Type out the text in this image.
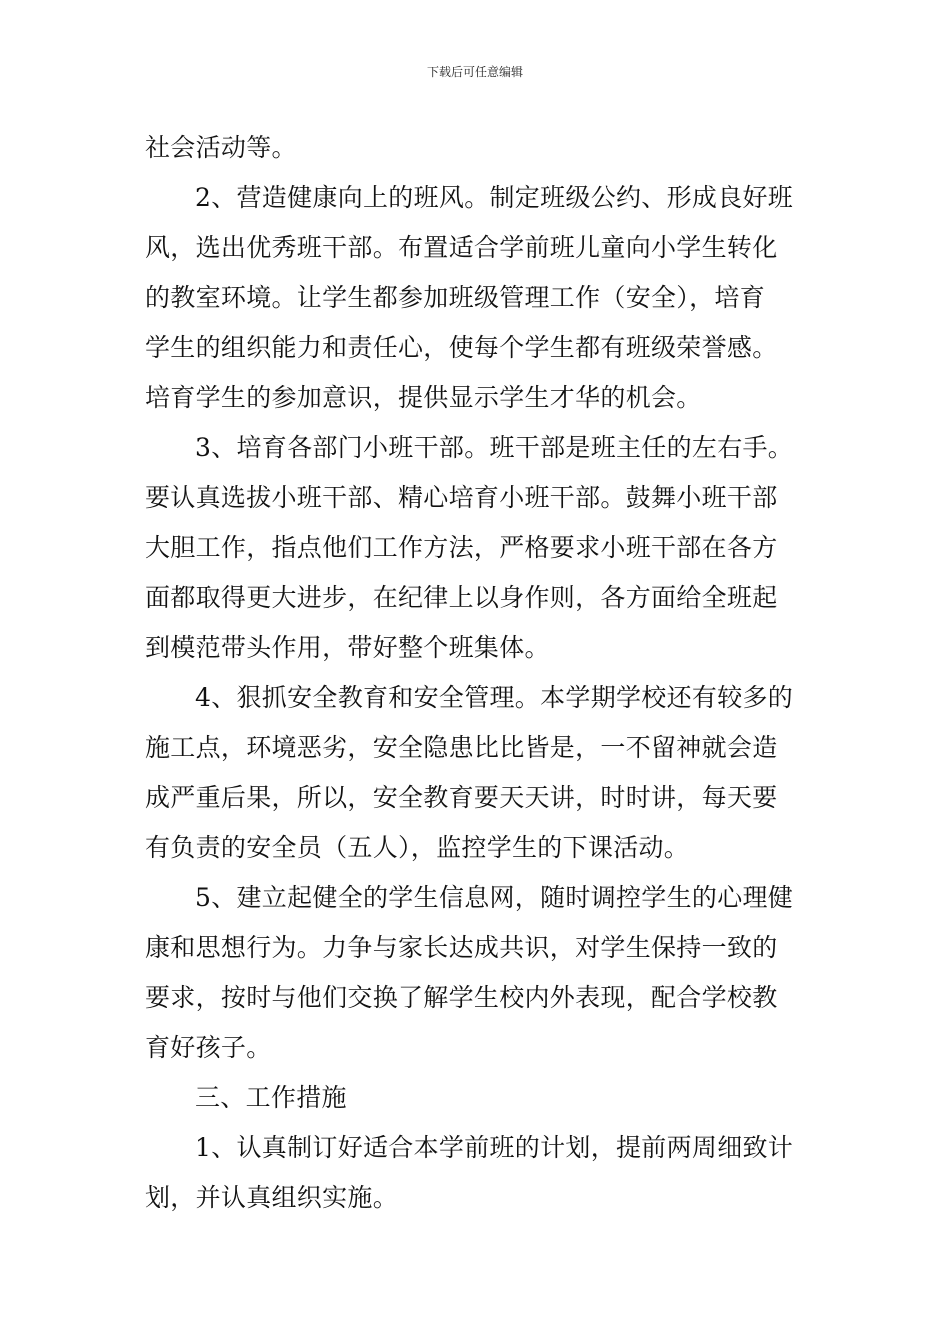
下载后可任意编辑
社会活动等。
2、营造健康向上的班风。制定班级公约、形成良好班
风，选出优秀班干部。布置适合学前班儿童向小学生转化
的教室环境。让学生都参加班级管理工作（安全），培育
学生的组织能力和责任心，使每个学生都有班级荣誉感。
培育学生的参加意识，提供显示学生才华的机会。
3、培育各部门小班干部。班干部是班主任的左右手。
要认真选拔小班干部、精心培育小班干部。鼓舞小班干部
大胆工作，指点他们工作方法，严格要求小班干部在各方
面都取得更大进步，在纪律上以身作则，各方面给全班起
到模范带头作用，带好整个班集体。
4、狠抓安全教育和安全管理。本学期学校还有较多的
施工点，环境恶劣，安全隐患比比皆是，一不留神就会造
成严重后果，所以，安全教育要天天讲，时时讲，每天要
有负责的安全员（五人），监控学生的下课活动。
5、建立起健全的学生信息网，随时调控学生的心理健
康和思想行为。力争与家长达成共识，对学生保持一致的
要求，按时与他们交换了解学生校内外表现，配合学校教
育好孩子。
三、工作措施
1、认真制订好适合本学前班的计划，提前两周细致计
划，并认真组织实施。
